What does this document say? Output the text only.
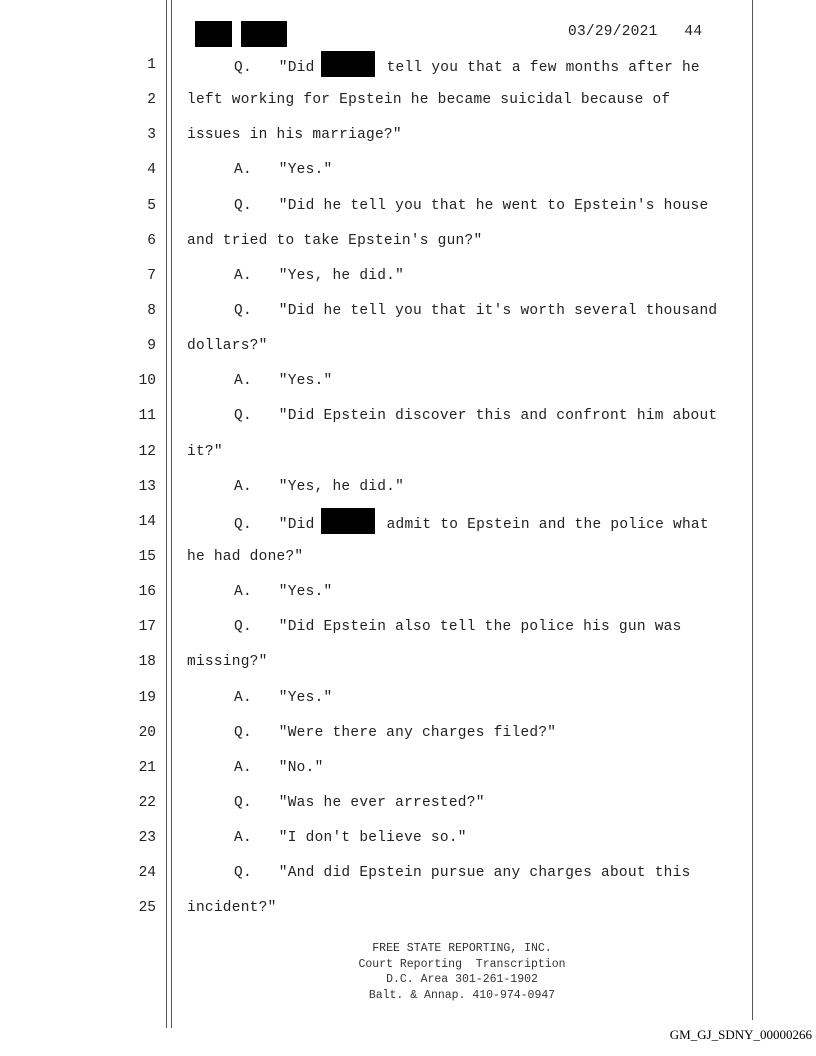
03/29/2021   44
1	Q.   "Did	tell you that a few months after he
2 left working for Epstein he became suicidal because of
3 issues in his marriage?"
4	A.   "Yes."
5	Q.   "Did he tell you that he went to Epstein's house
6 and tried to take Epstein's gun?"
7	A.   "Yes, he did."
8	Q.   "Did he tell you that it's worth several thousand
9 dollars?"
10	A.   "Yes."
11	Q.   "Did Epstein discover this and confront him about
12 it?"
13	A.   "Yes, he did."
14	Q.   "Did	admit to Epstein and the police what
15 he had done?"
16	A.   "Yes."
17	Q.   "Did Epstein also tell the police his gun was
18 missing?"
19	A.   "Yes."
20	Q.   "Were there any charges filed?"
21	A.   "No."
22	Q.   "Was he ever arrested?"
23	A.   "I don't believe so."
24	Q.   "And did Epstein pursue any charges about this
25 incident?"
FREE STATE REPORTING, INC.
Court Reporting  Transcription
D.C. Area 301-261-1902
Balt. & Annap. 410-974-0947
GM_GJ_SDNY_00000266
